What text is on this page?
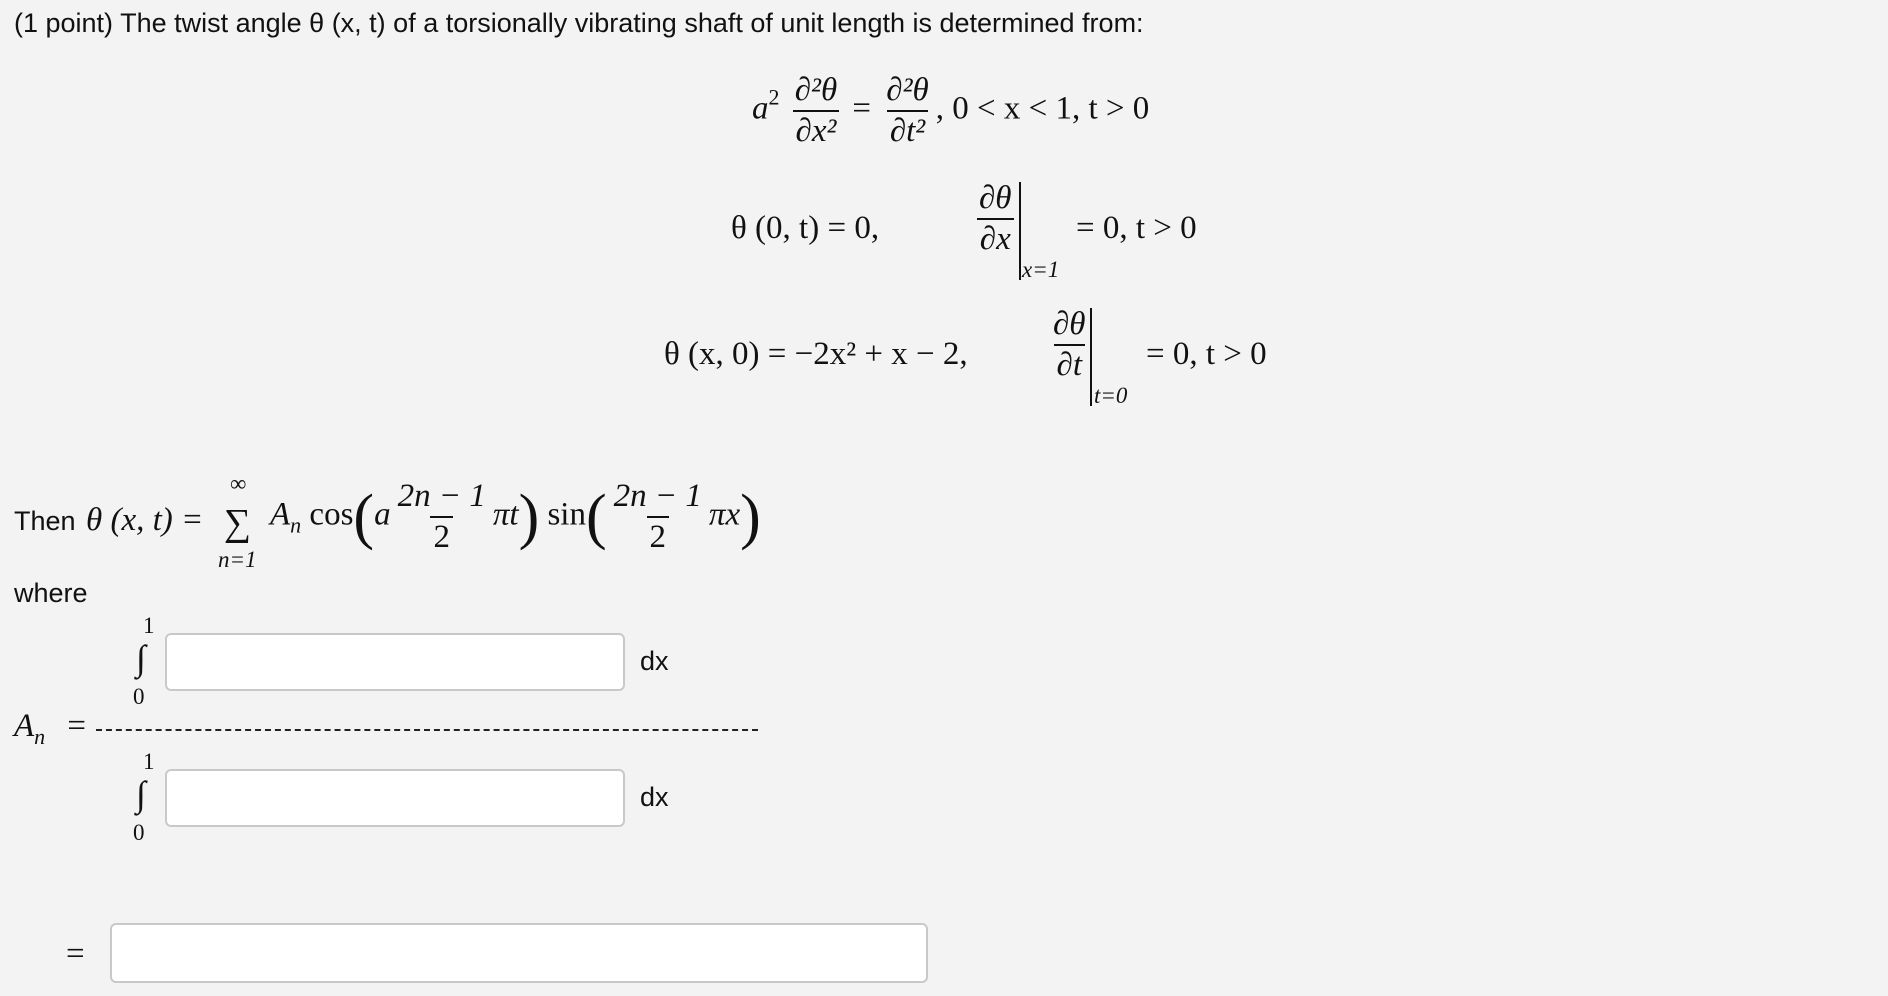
(1 point) The twist angle θ (x, t) of a torsionally vibrating shaft of unit length is determined from:
$a^2 \frac{\text{∂²θ}}{\text{∂x²}} = \frac{\text{∂²θ}}{\text{∂t²}}$ , 0 < x < 1, t > 0
θ (0, t) = 0,	$\frac{\partial\theta}{\partial x}$
x=1
= 0, t > 0
θ (x, 0) = −2x² + x − 2, $\frac{\partial\theta}{\partial t}$
t=0
= 0, t > 0
Then θ (x, t) =
∞
∑
n=1
$A_n$ $\cos(a \frac{2n - 1}{2} \pi t)$ $\sin( \frac{2n - 1}{2} \pi x)$
where
$A_n$ =
1
∫
0
dx
1
∫
0
dx
=
